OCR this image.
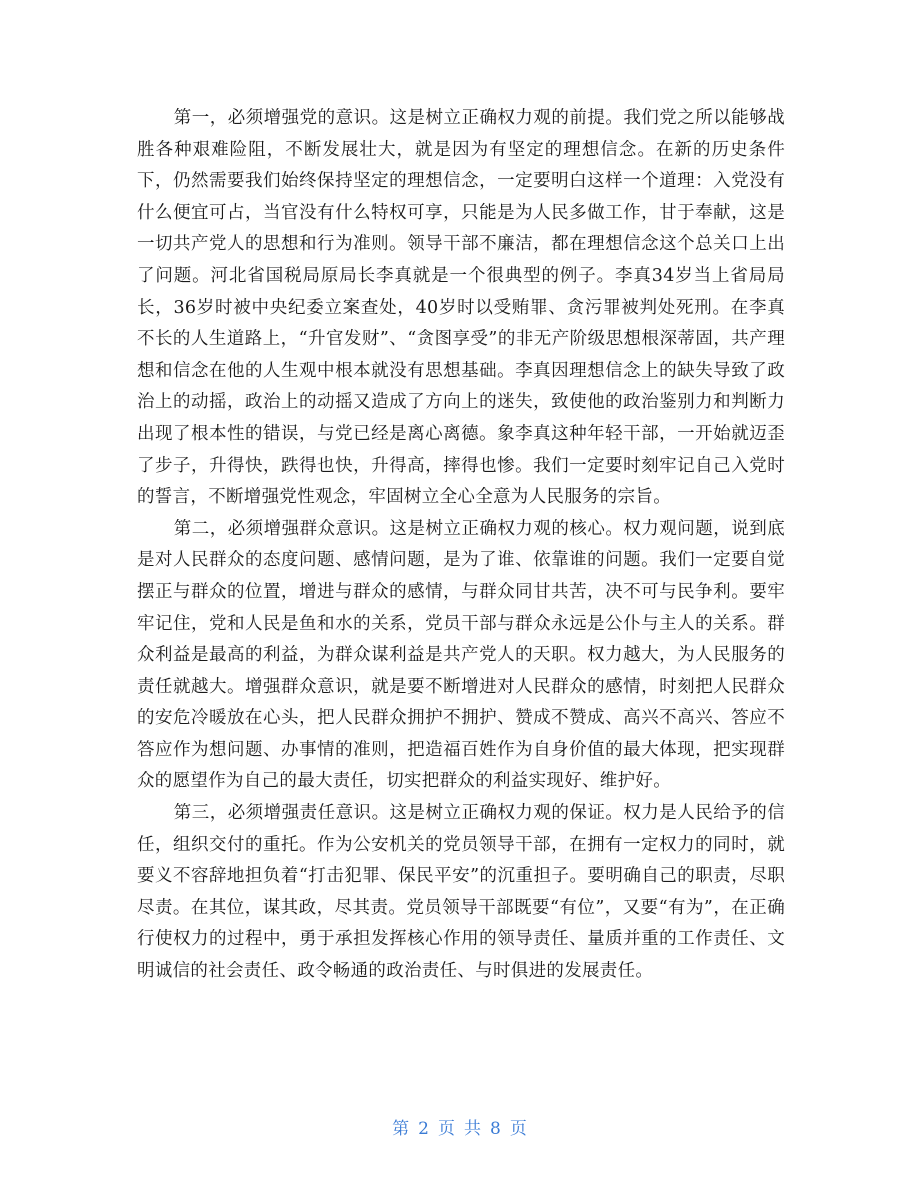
第一，必须增强党的意识。这是树立正确权力观的前提。我们党之所以能够战胜各种艰难险阻，不断发展壮大，就是因为有坚定的理想信念。在新的历史条件下，仍然需要我们始终保持坚定的理想信念，一定要明白这样一个道理：入党没有什么便宜可占，当官没有什么特权可享，只能是为人民多做工作，甘于奉献，这是一切共产党人的思想和行为准则。领导干部不廉洁，都在理想信念这个总关口上出了问题。河北省国税局原局长李真就是一个很典型的例子。李真34岁当上省局局长，36岁时被中央纪委立案查处，40岁时以受贿罪、贪污罪被判处死刑。在李真不长的人生道路上，“升官发财”、“贪图享受”的非无产阶级思想根深蒂固，共产理想和信念在他的人生观中根本就没有思想基础。李真因理想信念上的缺失导致了政治上的动摇，政治上的动摇又造成了方向上的迷失，致使他的政治鉴别力和判断力出现了根本性的错误，与党已经是离心离德。象李真这种年轻干部，一开始就迈歪了步子，升得快，跌得也快，升得高，摔得也惨。我们一定要时刻牢记自己入党时的誓言，不断增强党性观念，牢固树立全心全意为人民服务的宗旨。

第二，必须增强群众意识。这是树立正确权力观的核心。权力观问题，说到底是对人民群众的态度问题、感情问题，是为了谁、依靠谁的问题。我们一定要自觉摆正与群众的位置，增进与群众的感情，与群众同甘共苦，决不可与民争利。要牢牢记住，党和人民是鱼和水的关系，党员干部与群众永远是公仆与主人的关系。群众利益是最高的利益，为群众谋利益是共产党人的天职。权力越大，为人民服务的责任就越大。增强群众意识，就是要不断增进对人民群众的感情，时刻把人民群众的安危冷暖放在心头，把人民群众拥护不拥护、赞成不赞成、高兴不高兴、答应不答应作为想问题、办事情的准则，把造福百姓作为自身价值的最大体现，把实现群众的愿望作为自己的最大责任，切实把群众的利益实现好、维护好。

第三，必须增强责任意识。这是树立正确权力观的保证。权力是人民给予的信任，组织交付的重托。作为公安机关的党员领导干部，在拥有一定权力的同时，就要义不容辞地担负着“打击犯罪、保民平安”的沉重担子。要明确自己的职责，尽职尽责。在其位，谋其政，尽其责。党员领导干部既要“有位”，又要“有为”，在正确行使权力的过程中，勇于承担发挥核心作用的领导责任、量质并重的工作责任、文明诚信的社会责任、政令畅通的政治责任、与时俱进的发展责任。

第 2 页 共 8 页
